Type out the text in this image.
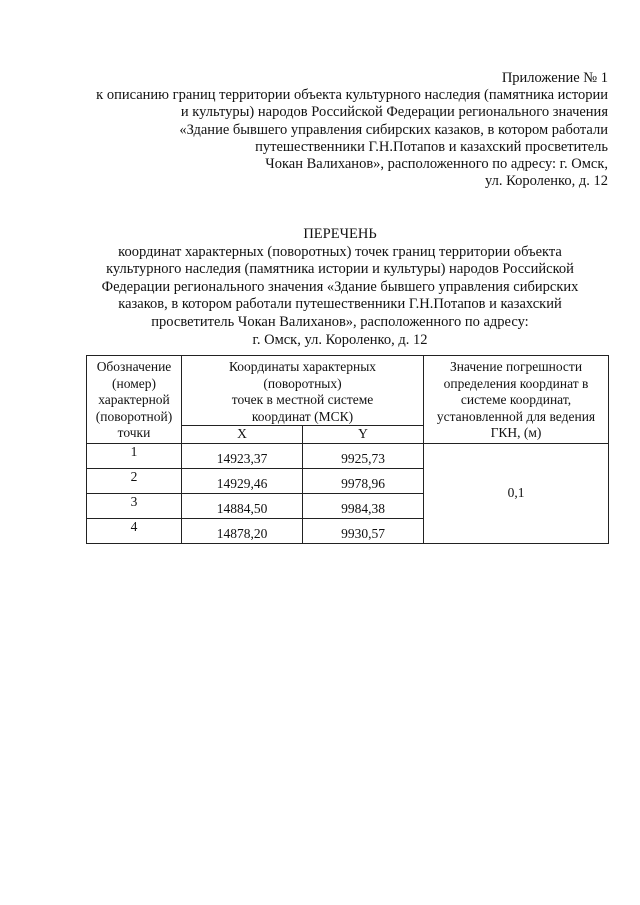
Приложение № 1
к описанию границ территории объекта культурного наследия (памятника истории
и культуры) народов Российской Федерации регионального значения
«Здание бывшего управления сибирских казаков, в котором работали
путешественники Г.Н.Потапов и казахский просветитель
Чокан Валиханов», расположенного по адресу: г. Омск,
ул. Короленко, д. 12
ПЕРЕЧЕНЬ
координат характерных (поворотных) точек границ территории объекта
культурного наследия (памятника истории и культуры) народов Российской
Федерации регионального значения «Здание бывшего управления сибирских
казаков, в котором работали путешественники Г.Н.Потапов и казахский
просветитель Чокан Валиханов», расположенного по адресу:
г. Омск, ул. Короленко, д. 12
Обозначение
(номер)
характерной
(поворотной)
точки	Координаты характерных
(поворотных)
точек в местной системе
координат (МСК)		Значение погрешности
определения координат в
системе координат,
установленной для ведения
ГКН, (м)

	X	Y	
1	14923,37	9925,73	0,1
2	14929,46	9978,96	
3	14884,50	9984,38	
4	14878,20	9930,57	
